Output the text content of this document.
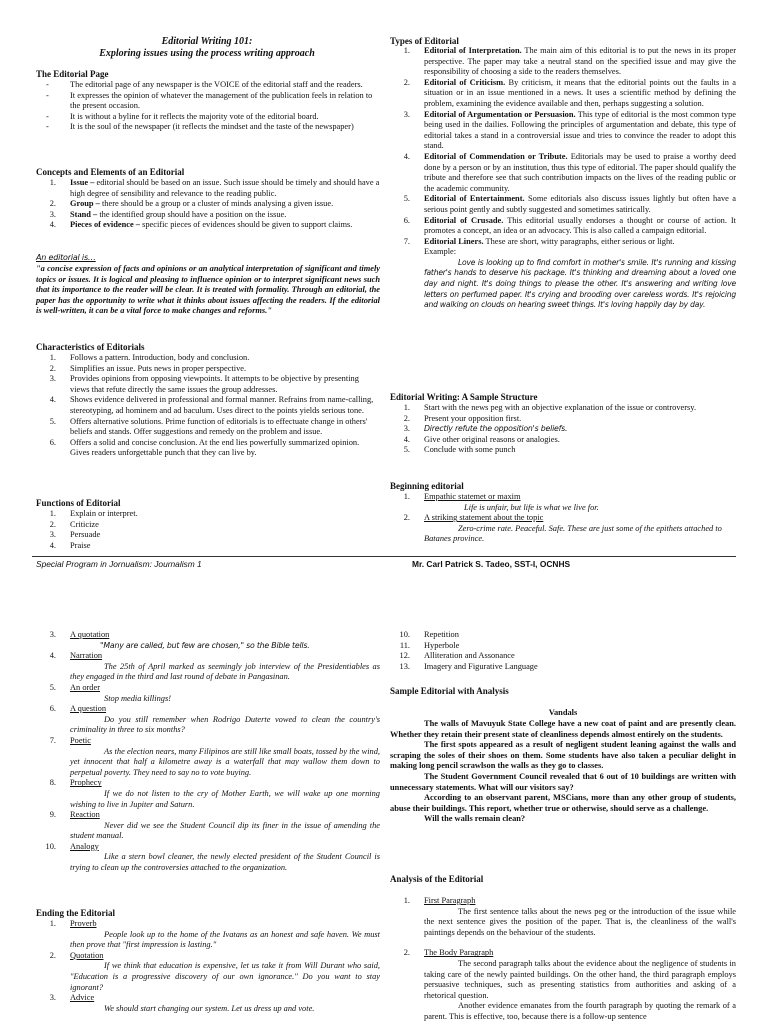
Editorial Writing 101:
Exploring issues using the process writing approach
The Editorial Page
-	The editorial page of any newspaper is the VOICE of the editorial staff and the readers.
-	It expresses the opinion of whatever the management of the publication feels in relation to the present occasion.
-	It is without a byline for it reflects the majority vote of the editorial board.
-	It is the soul of the newspaper (it reflects the mindset and the taste of the newspaper)
Concepts and Elements of an Editorial
1. Issue – editorial should be based on an issue. Such issue should be timely and should have a high degree of sensibility and relevance to the reading public.
2. Group – there should be a group or a cluster of minds analysing a given issue.
3. Stand – the identified group should have a position on the issue.
4. Pieces of evidence – specific pieces of evidences should be given to support claims.
An editorial is…
"a concise expression of facts and opinions or an analytical interpretation of significant and timely topics or issues. It is logical and pleasing to influence opinion or to interpret significant news such that its importance to the reader will be clear. It is treated with formality. Through an editorial, the paper has the opportunity to write what it thinks about issues affecting the readers. If the editorial is well-written, it can be a vital force to make changes and reforms."
Characteristics of Editorials
1. Follows a pattern. Introduction, body and conclusion.
2. Simplifies an issue. Puts news in proper perspective.
3. Provides opinions from opposing viewpoints. It attempts to be objective by presenting views that refute directly the same issues the group addresses.
4. Shows evidence delivered in professional and formal manner. Refrains from name-calling, stereotyping, ad hominem and ad baculum. Uses direct to the points yields serious tone.
5. Offers alternative solutions. Prime function of editorials is to effectuate change in others' beliefs and stands. Offer suggestions and remedy on the problem and issue.
6. Offers a solid and concise conclusion. At the end lies powerfully summarized opinion. Gives readers unforgettable punch that they can live by.
Functions of Editorial
1. Explain or interpret.
2. Criticize
3. Persuade
4. Praise
Types of Editorial
1. Editorial of Interpretation. The main aim of this editorial is to put the news in its proper perspective. The paper may take a neutral stand on the specified issue and may give the responsibility of choosing a side to the readers themselves.
2. Editorial of Criticism. By criticism, it means that the editorial points out the faults in a situation or in an issue mentioned in a news. It uses a scientific method by defining the problem, examining the evidence available and then, perhaps suggesting a solution.
3. Editorial of Argumentation or Persuasion. This type of editorial is the most common type being used in the dailies. Following the principles of argumentation and debate, this type of editorial takes a stand in a controversial issue and tries to convince the reader to adopt this stand.
4. Editorial of Commendation or Tribute. Editorials may be used to praise a worthy deed done by a person or by an institution, thus this type of editorial. The paper should qualify the tribute and therefore see that such contribution impacts on the lives of the reading public or the academic community.
5. Editorial of Entertainment. Some editorials also discuss issues lightly but often have a serious point gently and subtly suggested and sometimes satirically.
6. Editorial of Crusade. This editorial usually endorses a thought or course of action. It promotes a concept, an idea or an advocacy. This is also called a campaign editorial.
7. Editorial Liners. These are short, witty paragraphs, either serious or light.
Example:
Love is looking up to find comfort in mother's smile. It's running and kissing father's hands to deserve his package. It's thinking and dreaming about a loved one day and night. It's doing things to please the other. It's answering and writing love letters on perfumed paper. It's crying and brooding over careless words. It's rejoicing and walking on clouds on hearing sweet things. It's loving happily day by day.
Editorial Writing: A Sample Structure
1. Start with the news peg with an objective explanation of the issue or controversy.
2. Present your opposition first.
3. Directly refute the opposition's beliefs.
4. Give other original reasons or analogies.
5. Conclude with some punch
Beginning editorial
1. Empathic statemet or maxim
Life is unfair, but life is what we live for.
2. A striking statement about the topic
Zero-crime rate. Peaceful. Safe. These are just some of the epithets attached to Batanes province.
Special Program in Jornualism: Journalism 1	Mr. Carl Patrick S. Tadeo, SST-I, OCNHS
3. A quotation
"Many are called, but few are chosen," so the Bible tells.
4. Narration
The 25th of April marked as seemingly job interview of the Presidentiables as they engaged in the third and last round of debate in Pangasinan.
5. An order
Stop media killings!
6. A question
Do you still remember when Rodrigo Duterte vowed to clean the country's criminality in three to six months?
7. Poetic
As the election nears, many Filipinos are still like small boats, tossed by the wind, yet innocent that half a kilometre away is a waterfall that may wallow them down to perpetual poverty. They need to say no to vote buying.
8. Prophecy
If we do not listen to the cry of Mother Earth, we will wake up one morning wishing to live in Jupiter and Saturn.
9. Reaction
Never did we see the Student Council dip its finer in the issue of amending the student manual.
10. Analogy
Like a stern bowl cleaner, the newly elected president of the Student Council is trying to clean up the controversies attached to the organization.
Ending the Editorial
1. Proverb
People look up to the home of the Ivatans as an honest and safe haven. We must then prove that "first impression is lasting."
2. Quotation
If we think that education is expensive, let us take it from Will Durant who said, "Education is a progressive discovery of our own ignorance." Do you want to stay ignorant?
3. Advice
We should start changing our system. Let us dress up and vote.
10. Repetition
11. Hyperbole
12. Alliteration and Assonance
13. Imagery and Figurative Language
Sample Editorial with Analysis
Vandals
The walls of Mavuyuk State College have a new coat of paint and are presently clean. Whether they retain their present state of cleanliness depends almost entirely on the students.
The first spots appeared as a result of negligent student leaning against the walls and scraping the soles of their shoes on them. Some students have also taken a peculiar delight in making long pencil scrawlson the walls as they go to classes.
The Student Government Council revealed that 6 out of 10 buildings are written with unnecessary statements. What will our visitors say?
According to an observant parent, MSCians, more than any other group of students, abuse their buildings. This report, whether true or otherwise, should serve as a challenge.
Will the walls remain clean?
Analysis of the Editorial
1. First Paragraph
The first sentence talks about the news peg or the introduction of the issue while the next sentence gives the position of the paper. That is, the cleanliness of the wall's paintings depends on the behaviour of the students.
2. The Body Paragraph
The second paragraph talks about the evidence about the negligence of students in taking care of the newly painted buildings. On the other hand, the third paragraph employs persuasive techniques, such as presenting statistics from authorities and asking of a rhetorical question.
Another evidence emanates from the fourth paragraph by quoting the remark of a parent. This is effective, too, because there is a follow-up sentence
